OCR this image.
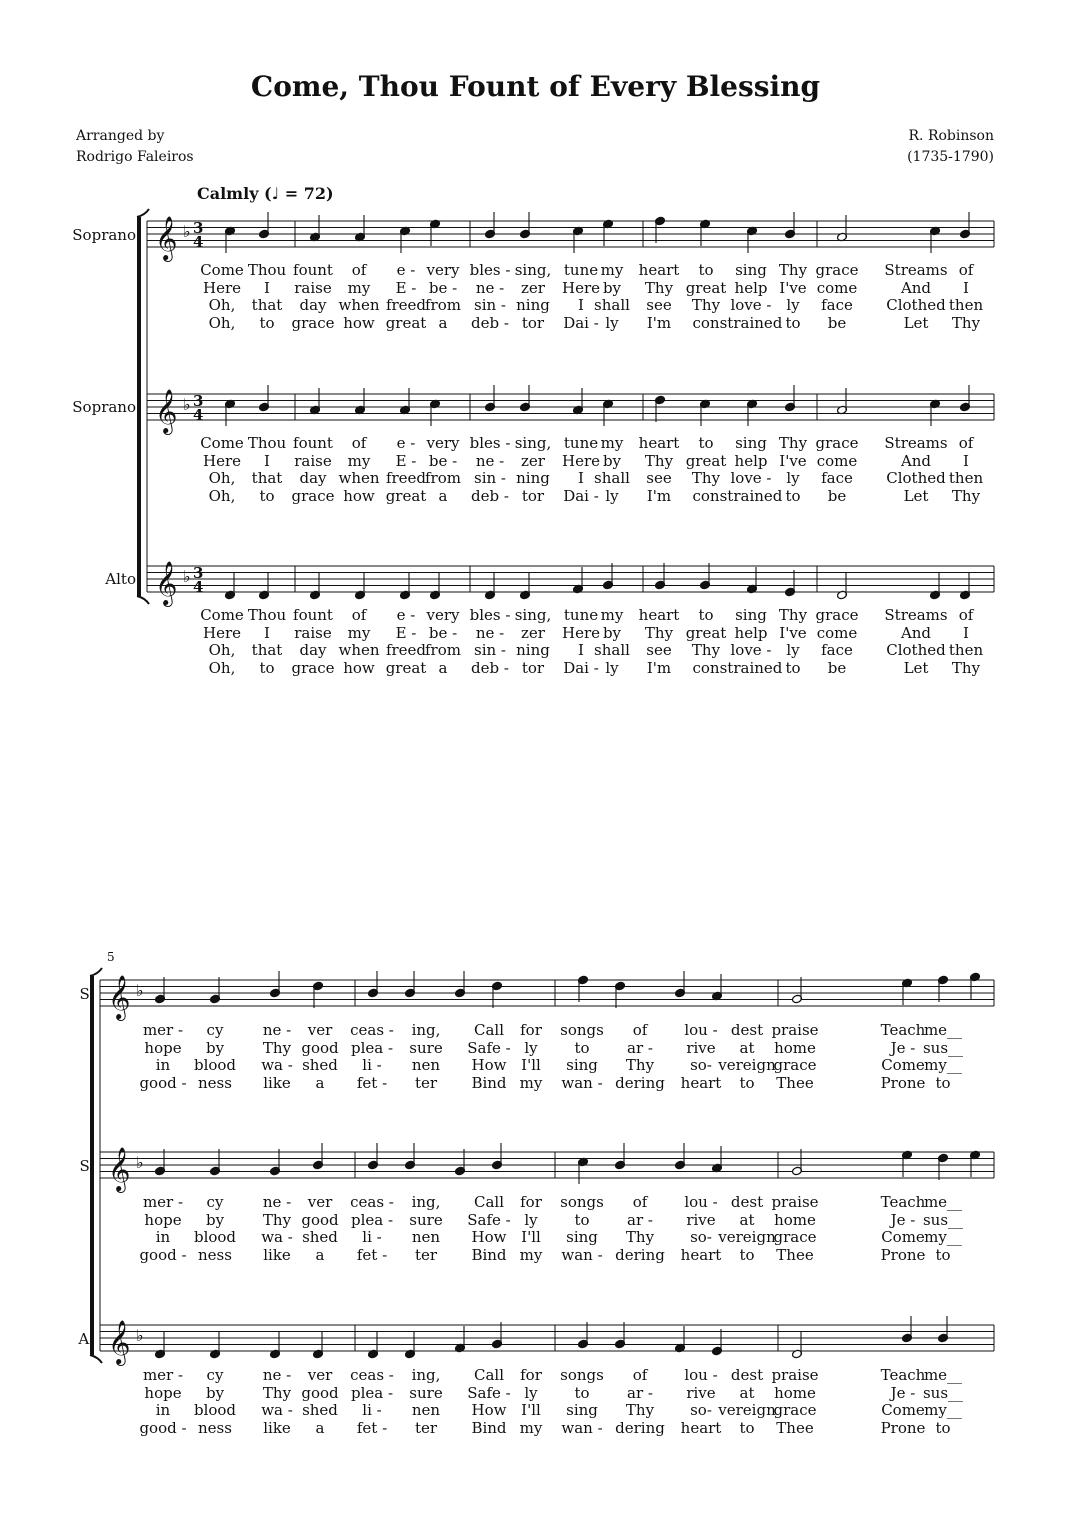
Come, Thou Fount of Every Blessing
Arranged by
Rodrigo Faleiros
R. Robinson
(1735-1790)
Calmly (♩ = 72)
5
Soprano
Soprano
Alto
S.
S.
A.
𝄞 ♭ 3
4
𝄞 ♭ 3
4
𝄞 ♭ 3
4
𝄞 ♭
𝄞 ♭
𝄞 ♭
Come
Here
Oh,
Oh,
Thou
I
that
to
fount
raise
day
grace
of
my
when
how
e -
E -
freed
great
very
be -
from
a
bles -
ne -
sin -
deb -
sing,
zer
ning
tor
tune
Here
I
Dai -
my
by
shall
ly
heart
Thy
see
I'm
to
great
Thy
con
sing
help
love -
strained
Thy
I've
ly
to
grace
come
face
be
Streams
And
Clothed
Let
of
I
then
Thy
Come
Here
Oh,
Oh,
Thou
I
that
to
fount
raise
day
grace
of
my
when
how
e -
E -
freed
great
very
be -
from
a
bles -
ne -
sin -
deb -
sing,
zer
ning
tor
tune
Here
I
Dai -
my
by
shall
ly
heart
Thy
see
I'm
to
great
Thy
con
sing
help
love -
strained
Thy
I've
ly
to
grace
come
face
be
Streams
And
Clothed
Let
of
I
then
Thy
Come
Here
Oh,
Oh,
Thou
I
that
to
fount
raise
day
grace
of
my
when
how
e -
E -
freed
great
very
be -
from
a
bles -
ne -
sin -
deb -
sing,
zer
ning
tor
tune
Here
I
Dai -
my
by
shall
ly
heart
Thy
see
I'm
to
great
Thy
con
sing
help
love -
strained
Thy
I've
ly
to
grace
come
face
be
Streams
And
Clothed
Let
of
I
then
Thy
mer -
hope
in
good -
cy
by
blood
ness
ne -
Thy
wa -
like
ver
good
shed
a
ceas -
plea -
li -
fet -
ing,
sure
nen
ter
Call
Safe -
How
Bind
for
ly
I'll
my
songs
to
sing
wan -
of
ar -
Thy
dering
lou -
rive
so-
heart
dest
at
vereign
to
praise
home
grace
Thee
Teach
Je -
Come
Prone
me__
sus__
my__
to
mer -
hope
in
good -
cy
by
blood
ness
ne -
Thy
wa -
like
ver
good
shed
a
ceas -
plea -
li -
fet -
ing,
sure
nen
ter
Call
Safe -
How
Bind
for
ly
I'll
my
songs
to
sing
wan -
of
ar -
Thy
dering
lou -
rive
so-
heart
dest
at
vereign
to
praise
home
grace
Thee
Teach
Je -
Come
Prone
me__
sus__
my__
to
mer -
hope
in
good -
cy
by
blood
ness
ne -
Thy
wa -
like
ver
good
shed
a
ceas -
plea -
li -
fet -
ing,
sure
nen
ter
Call
Safe -
How
Bind
for
ly
I'll
my
songs
to
sing
wan -
of
ar -
Thy
dering
lou -
rive
so-
heart
dest
at
vereign
to
praise
home
grace
Thee
Teach
Je -
Come
Prone
me__
sus__
my__
to
